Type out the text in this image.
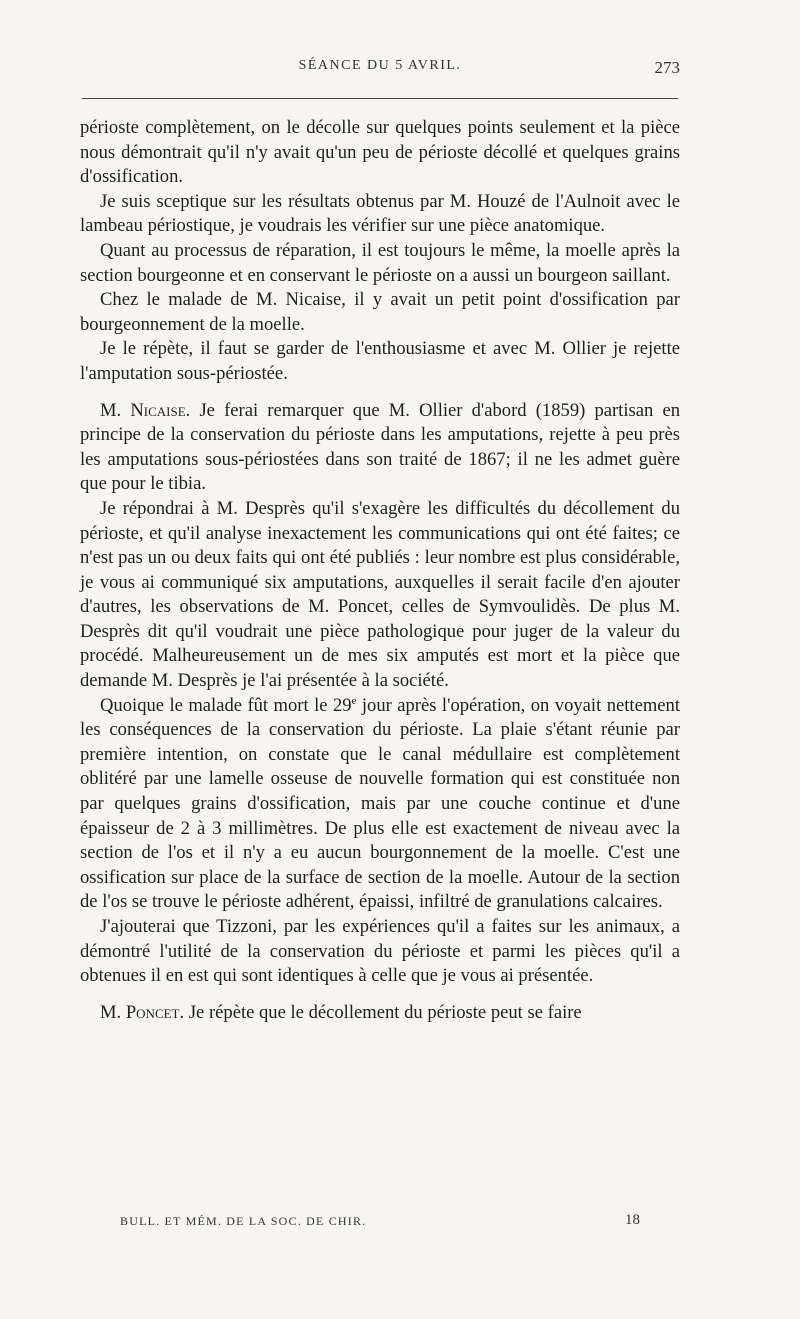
SÉANCE DU 5 AVRIL.	273

périoste complètement, on le décolle sur quelques points seulement et la pièce nous démontrait qu'il n'y avait qu'un peu de périoste décollé et quelques grains d'ossification.

Je suis sceptique sur les résultats obtenus par M. Houzé de l'Aulnoit avec le lambeau périostique, je voudrais les vérifier sur une pièce anatomique.

Quant au processus de réparation, il est toujours le même, la moelle après la section bourgeonne et en conservant le périoste on a aussi un bourgeon saillant.

Chez le malade de M. Nicaise, il y avait un petit point d'ossification par bourgeonnement de la moelle.

Je le répète, il faut se garder de l'enthousiasme et avec M. Ollier je rejette l'amputation sous-périostée.

M. Nicaise. Je ferai remarquer que M. Ollier d'abord (1859) partisan en principe de la conservation du périoste dans les amputations, rejette à peu près les amputations sous-périostées dans son traité de 1867; il ne les admet guère que pour le tibia.

Je répondrai à M. Desprès qu'il s'exagère les difficultés du décollement du périoste, et qu'il analyse inexactement les communications qui ont été faites; ce n'est pas un ou deux faits qui ont été publiés : leur nombre est plus considérable, je vous ai communiqué six amputations, auxquelles il serait facile d'en ajouter d'autres, les observations de M. Poncet, celles de Symvoulidès. De plus M. Desprès dit qu'il voudrait une pièce pathologique pour juger de la valeur du procédé. Malheureusement un de mes six amputés est mort et la pièce que demande M. Desprès je l'ai présentée à la société.

Quoique le malade fût mort le 29e jour après l'opération, on voyait nettement les conséquences de la conservation du périoste. La plaie s'étant réunie par première intention, on constate que le canal médullaire est complètement oblitéré par une lamelle osseuse de nouvelle formation qui est constituée non par quelques grains d'ossification, mais par une couche continue et d'une épaisseur de 2 à 3 millimètres. De plus elle est exactement de niveau avec la section de l'os et il n'y a eu aucun bourgonnement de la moelle. C'est une ossification sur place de la surface de section de la moelle. Autour de la section de l'os se trouve le périoste adhérent, épaissi, infiltré de granulations calcaires.

J'ajouterai que Tizzoni, par les expériences qu'il a faites sur les animaux, a démontré l'utilité de la conservation du périoste et parmi les pièces qu'il a obtenues il en est qui sont identiques à celle que je vous ai présentée.

M. Poncet. Je répète que le décollement du périoste peut se faire

BULL. ET MÉM. DE LA SOC. DE CHIR.	18
